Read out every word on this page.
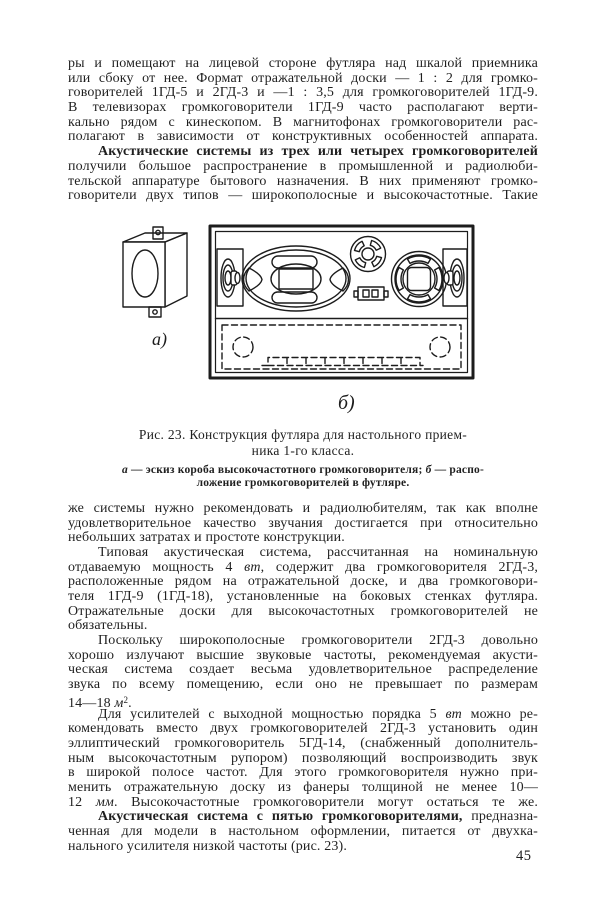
ры и помещают на лицевой стороне футляра над шкалой приемника
или сбоку от нее. Формат отражательной доски — 1 : 2 для громко-
говорителей 1ГД-5 и 2ГД-3 и —1 : 3,5 для громкоговорителей 1ГД-9.
В телевизорах громкоговорители 1ГД-9 часто располагают верти-
кально рядом с кинескопом. В магнитофонах громкоговорители рас-
полагают в зависимости от конструктивных особенностей аппарата.
Акустические системы из трех или четырех громкоговорителей
получили большое распространение в промышленной и радиолюби-
тельской аппаратуре бытового назначения. В них применяют громко-
говорители двух типов — широкополосные и высокочастотные. Такие
а)
б)
Рис. 23. Конструкция футляра для настольного прием-
ника 1-го класса.
а — эскиз короба высокочастотного громкоговорителя; б — распо-
ложение громкоговорителей в футляре.
же системы нужно рекомендовать и радиолюбителям, так как вполне
удовлетворительное качество звучания достигается при относительно
небольших затратах и простоте конструкции.
Типовая акустическая система, рассчитанная на номинальную
отдаваемую мощность 4 вт, содержит два громкоговорителя 2ГД-3,
расположенные рядом на отражательной доске, и два громкоговори-
теля 1ГД-9 (1ГД-18), установленные на боковых стенках футляра.
Отражательные доски для высокочастотных громкоговорителей не
обязательны.
Поскольку широкополосные громкоговорители 2ГД-3 довольно
хорошо излучают высшие звуковые частоты, рекомендуемая акусти-
ческая система создает весьма удовлетворительное распределение
звука по всему помещению, если оно не превышает по размерам
14—18 $м^2$.
Для усилителей с выходной мощностью порядка 5 вт можно ре-
комендовать вместо двух громкоговорителей 2ГД-3 установить один
эллиптический громкоговоритель 5ГД-14, (снабженный дополнитель-
ным высокочастотным рупором) позволяющий воспроизводить звук
в широкой полосе частот. Для этого громкоговорителя нужно при-
менить отражательную доску из фанеры толщиной не менее 10—
12 мм. Высокочастотные громкоговорители могут остаться те же.
Акустическая система с пятью громкоговорителями, предназна-
ченная для модели в настольном оформлении, питается от двухка-
нального усилителя низкой частоты (рис. 23).
45
